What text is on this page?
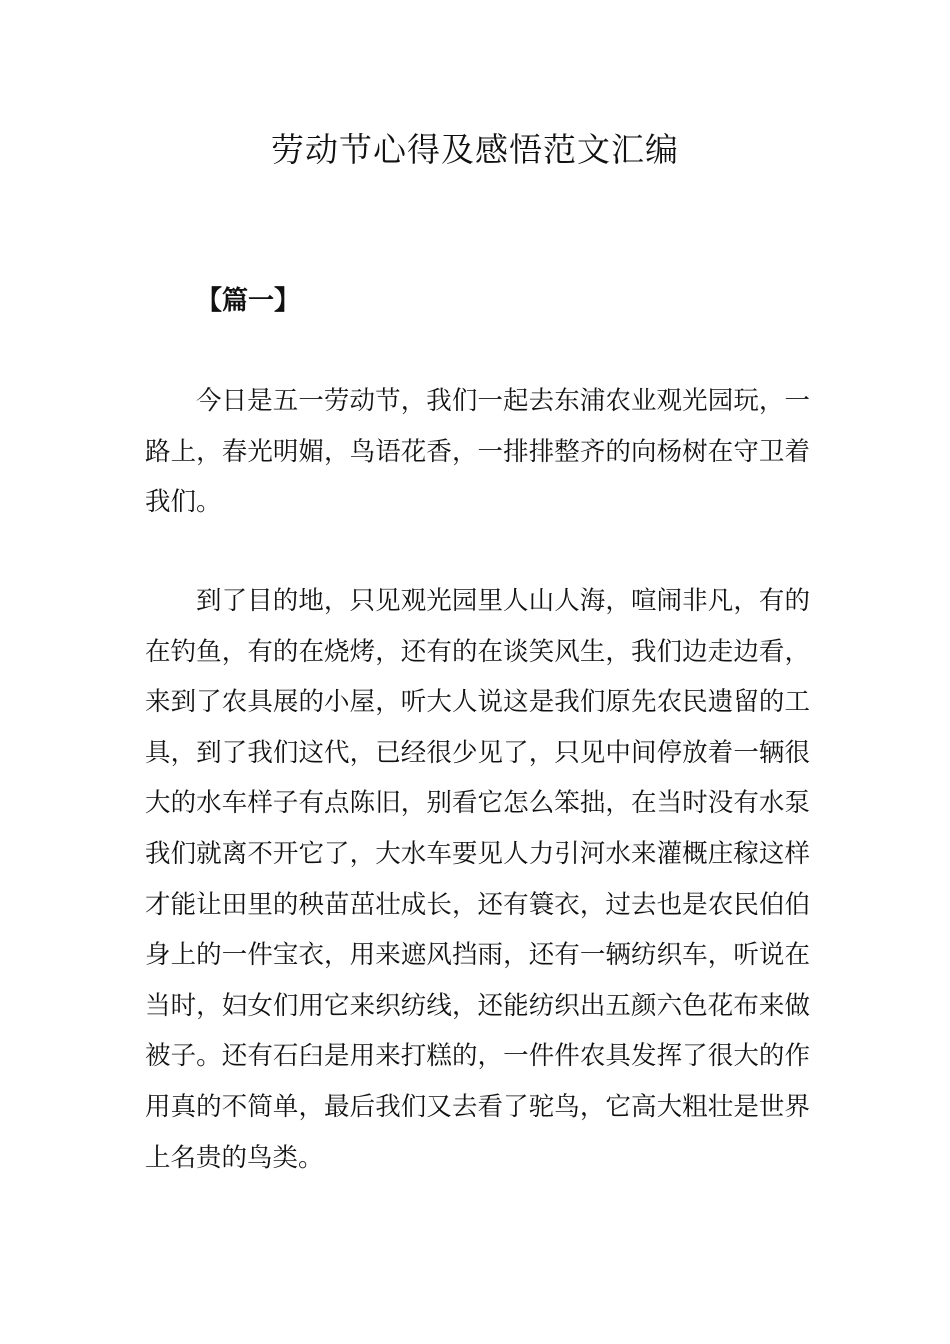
劳动节心得及感悟范文汇编
【篇一】

今日是五一劳动节，我们一起去东浦农业观光园玩，一路上，春光明媚，鸟语花香，一排排整齐的向杨树在守卫着我们。

到了目的地，只见观光园里人山人海，喧闹非凡，有的在钓鱼，有的在烧烤，还有的在谈笑风生，我们边走边看，来到了农具展的小屋，听大人说这是我们原先农民遗留的工具，到了我们这代，已经很少见了，只见中间停放着一辆很大的水车样子有点陈旧，别看它怎么笨拙，在当时没有水泵我们就离不开它了，大水车要见人力引河水来灌概庄稼这样才能让田里的秧苗茁壮成长，还有簑衣，过去也是农民伯伯身上的一件宝衣，用来遮风挡雨，还有一辆纺织车，听说在当时，妇女们用它来织纺线，还能纺织出五颜六色花布来做被子。还有石臼是用来打糕的，一件件农具发挥了很大的作用真的不简单，最后我们又去看了驼鸟，它高大粗壮是世界上名贵的鸟类。
